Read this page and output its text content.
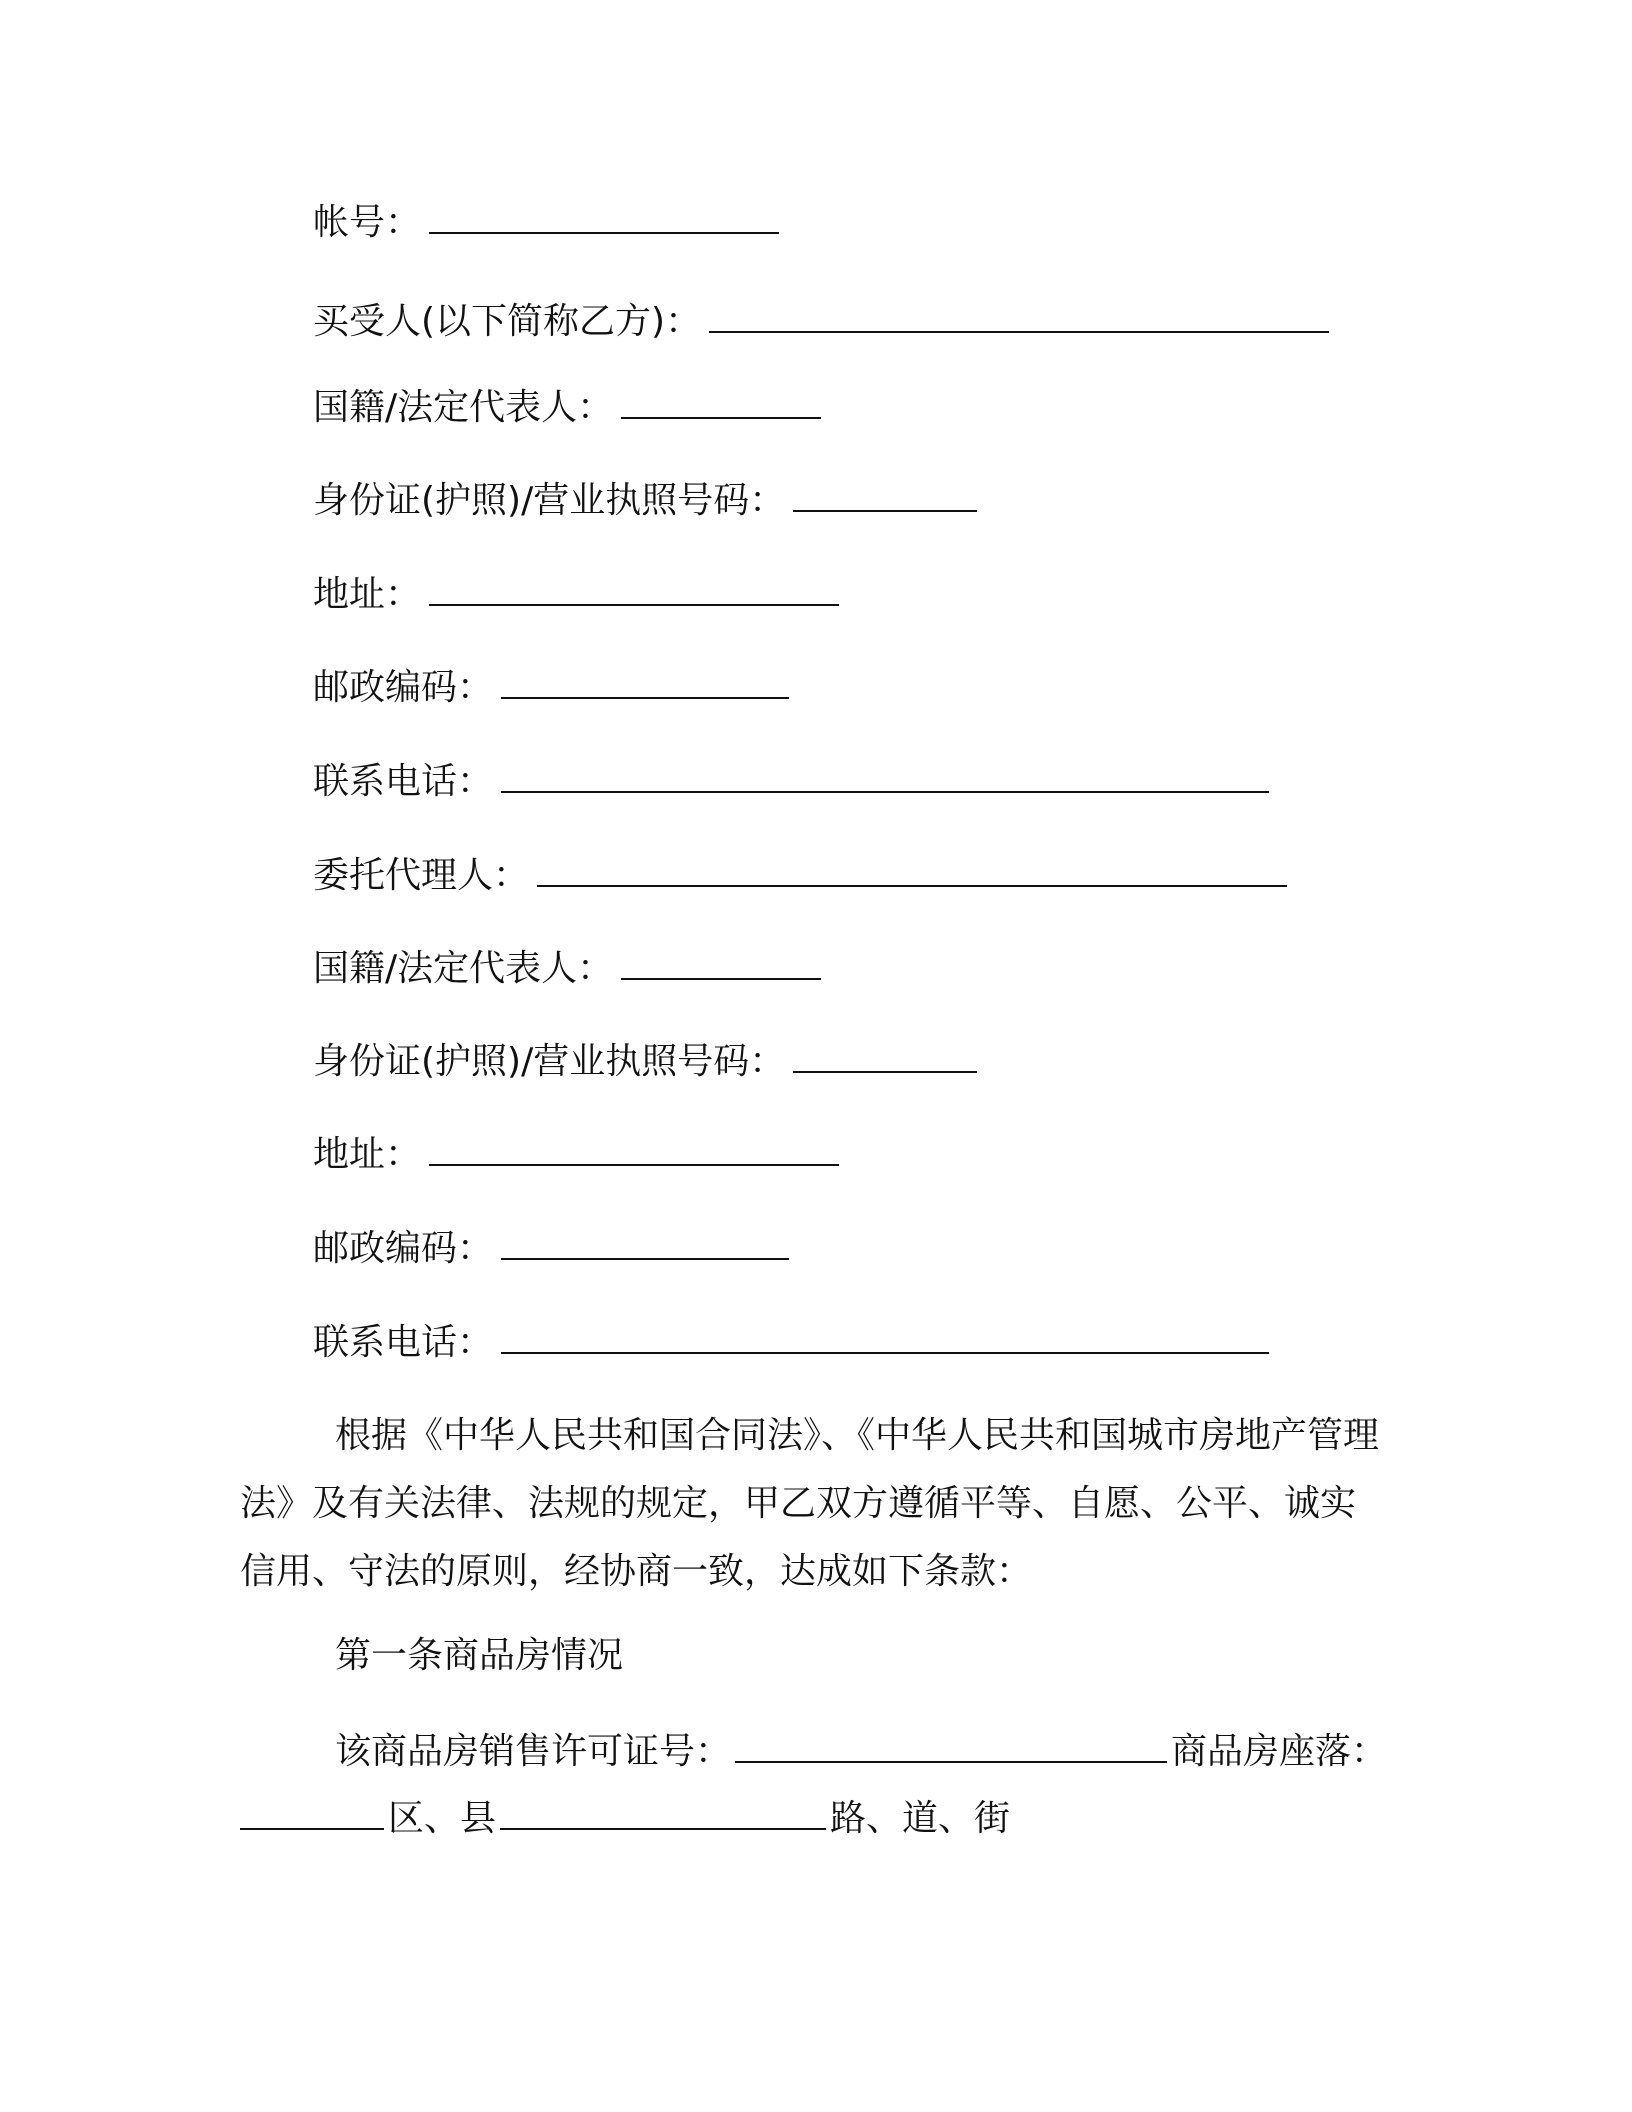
帐号：
买受人(以下简称乙方)：
国籍/法定代表人：
身份证(护照)/营业执照号码：
地址：
邮政编码：
联系电话：
委托代理人：
国籍/法定代表人：
身份证(护照)/营业执照号码：
地址：
邮政编码：
联系电话：
根据《中华人民共和国合同法》、《中华人民共和国城市房地产管理法》及有关法律、法规的规定，甲乙双方遵循平等、自愿、公平、诚实信用、守法的原则，经协商一致，达成如下条款：
第一条商品房情况
该商品房销售许可证号：	商品房座落：
区、县	路、道、街
